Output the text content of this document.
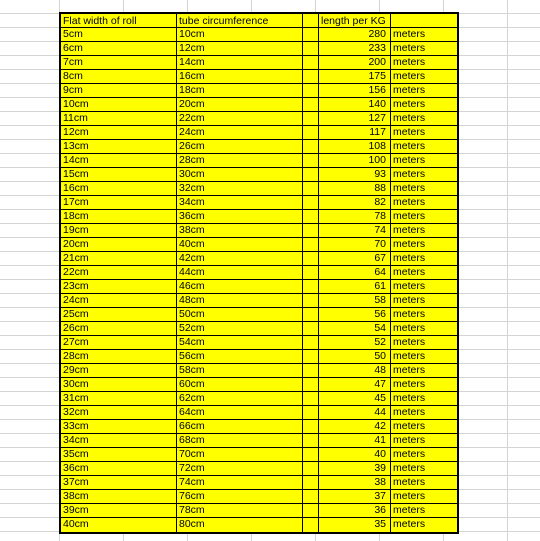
Flat width of roll	tube circumference	length per KG
5cm	10cm	280 meters
6cm	12cm	233 meters
7cm	14cm	200 meters
8cm	16cm	175 meters
9cm	18cm	156 meters
10cm	20cm	140 meters
11cm	22cm	127 meters
12cm	24cm	117 meters
13cm	26cm	108 meters
14cm	28cm	100 meters
15cm	30cm	93 meters
16cm	32cm	88 meters
17cm	34cm	82 meters
18cm	36cm	78 meters
19cm	38cm	74 meters
20cm	40cm	70 meters
21cm	42cm	67 meters
22cm	44cm	64 meters
23cm	46cm	61 meters
24cm	48cm	58 meters
25cm	50cm	56 meters
26cm	52cm	54 meters
27cm	54cm	52 meters
28cm	56cm	50 meters
29cm	58cm	48 meters
30cm	60cm	47 meters
31cm	62cm	45 meters
32cm	64cm	44 meters
33cm	66cm	42 meters
34cm	68cm	41 meters
35cm	70cm	40 meters
36cm	72cm	39 meters
37cm	74cm	38 meters
38cm	76cm	37 meters
39cm	78cm	36 meters
40cm	80cm	35 meters
